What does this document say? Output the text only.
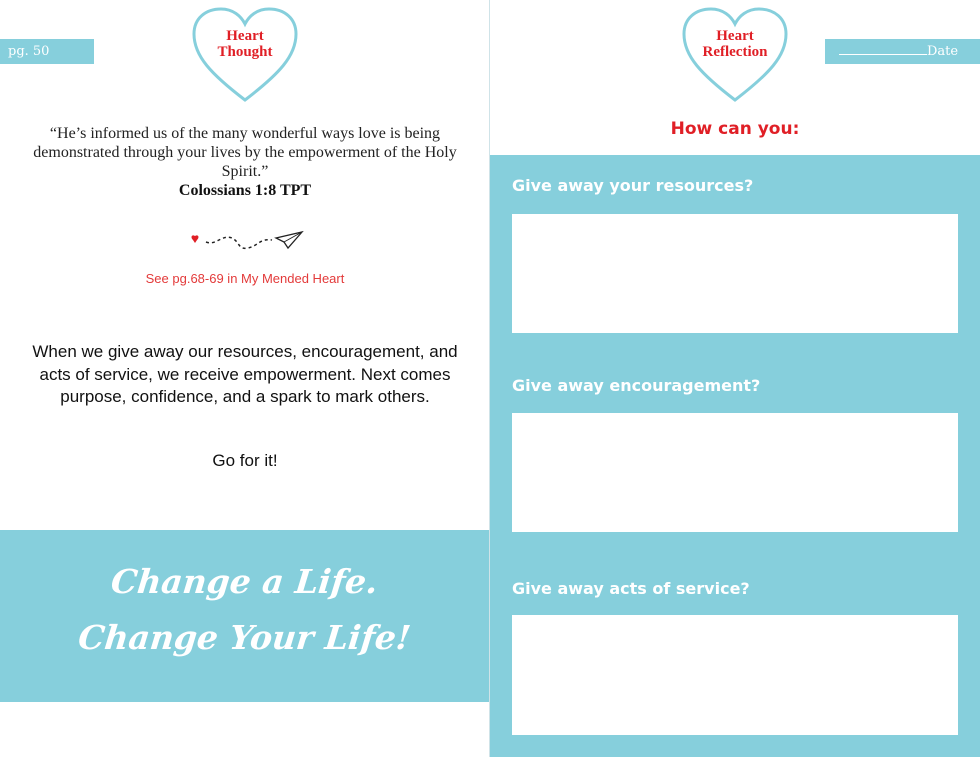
pg. 50
Heart
Thought
“He’s informed us of the many wonderful ways love is being demonstrated through your lives by the empowerment of the Holy Spirit.”
Colossians 1:8 TPT
See pg.68-69 in My Mended Heart
When we give away our resources, encouragement, and acts of service, we receive empowerment. Next comes purpose, confidence, and a spark to mark others.
Go for it!
Change a Life.
Change Your Life!
Heart
Reflection	Date
How can you:
Give away your resources?
Give away encouragement?
Give away acts of service?
